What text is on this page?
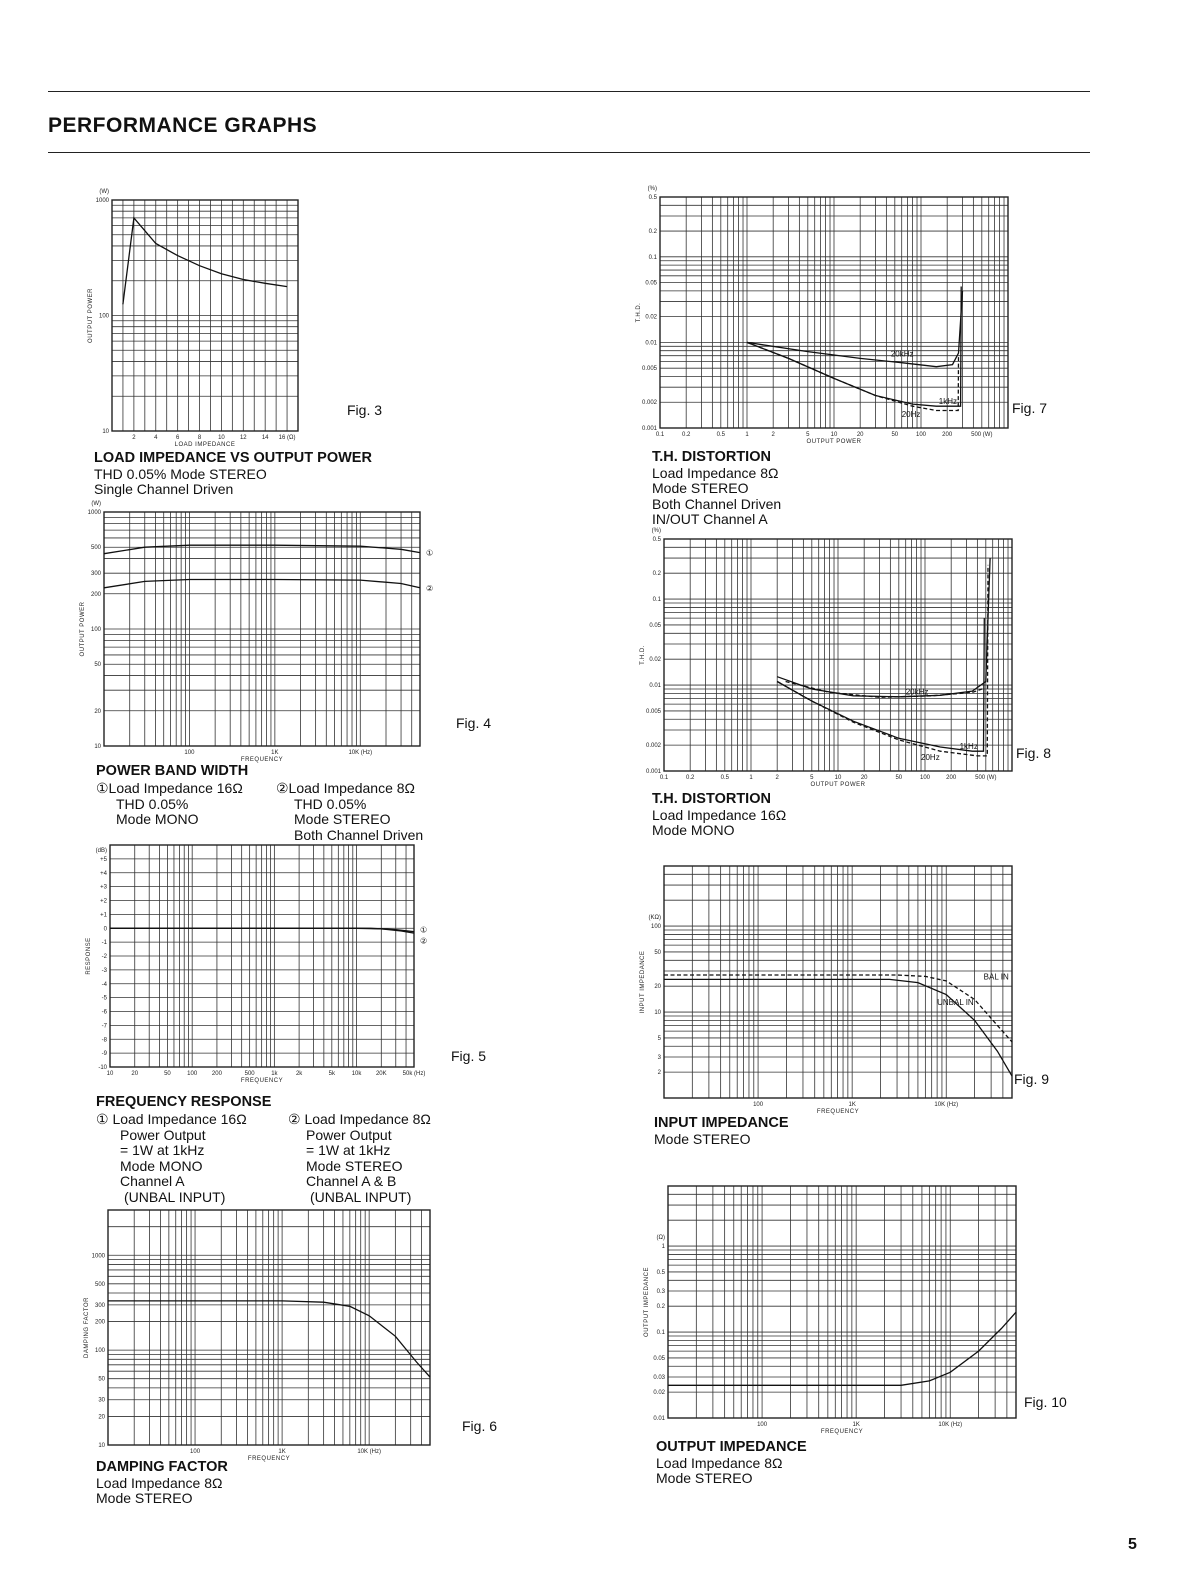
PERFORMANCE GRAPHS
2	4	6	8	10	12	14 16 (Ω)
10
100
1000
LOAD IMPEDANCE
OUTPUT POWER
(W)
Fig. 3
LOAD IMPEDANCE VS OUTPUT POWER
THD 0.05% Mode STEREO
Single Channel Driven
100	1K	10K (Hz)
10
20
50
100
200
300
500
1000
FREQUENCY
OUTPUT POWER
(W)
①
②
Fig. 4
POWER BAND WIDTH
①Load Impedance 16Ω
THD 0.05%
Mode MONO
②Load Impedance 8Ω
THD 0.05%
Mode STEREO
Both Channel Driven
10	20	50	100 200	500	1k	2k	5k	10k 20K	50k (Hz)
-10
-9
-8
-7
-6
-5
-4
-3
-2
-1
0
+1
+2
+3
+4
+5
FREQUENCY
RESPONSE
(dB)
①
②
Fig. 5
FREQUENCY RESPONSE
① Load Impedance 16Ω
Power Output
= 1W at 1kHz
Mode MONO
Channel A
(UNBAL INPUT)
② Load Impedance 8Ω
Power Output
= 1W at 1kHz
Mode STEREO
Channel A & B
(UNBAL INPUT)
100	1K	10K (Hz)
10
20
30
50
100
200
300
500
1000
FREQUENCY
DAMPING FACTOR
Fig. 6
DAMPING FACTOR
Load Impedance 8Ω
Mode STEREO
0.1	0.2	0.5	1	2	5	10	20	50	100	200	500 (W)
0.001
0.002
0.005
0.01
0.02
0.05
0.1
0.2
0.5
OUTPUT POWER
T.H.D.
(%)
20kHz
1kHz
20Hz	Fig. 7
T.H. DISTORTION
Load Impedance 8Ω
Mode STEREO
Both Channel Driven
IN/OUT Channel A
0.1	0.2	0.5	1	2	5	10	20	50	100	200	500 (W)
0.001
0.002
0.005
0.01
0.02
0.05
0.1
0.2
0.5
OUTPUT POWER
T.H.D.
(%)
20kHz
1kHz
20Hz	Fig. 8
T.H. DISTORTION
Load Impedance 16Ω
Mode MONO
100	1K	10K (Hz)
2
3
5
10
20
50
100
FREQUENCY
INPUT IMPEDANCE
(KΩ)
BAL IN
UNBAL IN
Fig. 9
INPUT IMPEDANCE
Mode STEREO
100	1K	10K (Hz)
0.01
0.02
0.03
0.05
0.1
0.2
0.3
0.5
1
FREQUENCY
OUTPUT IMPEDANCE
(Ω)
Fig. 10
OUTPUT IMPEDANCE
Load Impedance 8Ω
Mode STEREO
5
